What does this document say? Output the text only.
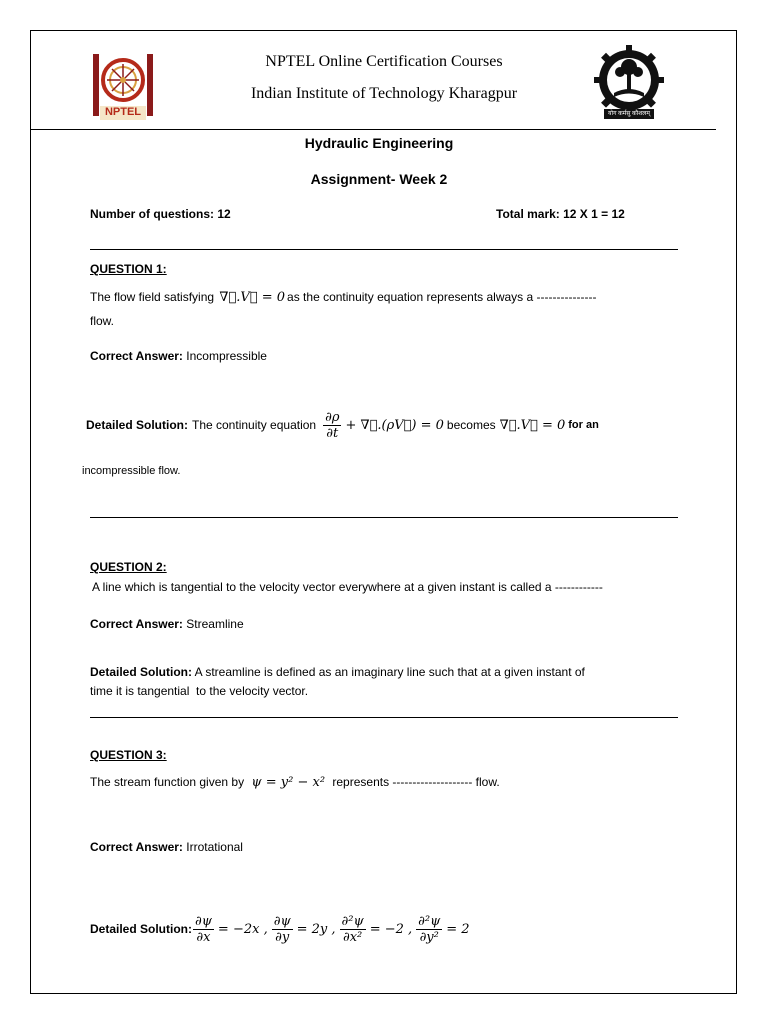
NPTEL
NPTEL Online Certification Courses
Indian Institute of Technology Kharagpur
योग कर्मसु कौशलम्
Hydraulic Engineering
Assignment- Week 2
Number of questions: 12	Total mark: 12 X 1 = 12
QUESTION 1:
The flow field satisfying ∇⃗.V⃗ = 0 as the continuity equation represents always a ---------------
flow.
Correct Answer: Incompressible
Detailed Solution: The continuity equation $\frac{\partial\rho}{\partial t}$ + ∇⃗.(ρV⃗) = 0 becomes ∇⃗.V⃗ = 0 for an
incompressible flow.
QUESTION 2:
A line which is tangential to the velocity vector everywhere at a given instant is called a ------------
Correct Answer: Streamline
Detailed Solution: A streamline is defined as an imaginary line such that at a given instant of
time it is tangential  to the velocity vector.
QUESTION 3:
The stream function given by ψ = y² − x² represents -------------------- flow.
Correct Answer: Irrotational
Detailed Solution: $\frac{\partial\psi}{\partial x} = -2x$ , $\frac{\partial\psi}{\partial y} = 2y$ , $\frac{\text{∂²ψ}}{\text{∂x²}} = -2$ , $\frac{\text{∂²ψ}}{\text{∂y²}} = 2$
